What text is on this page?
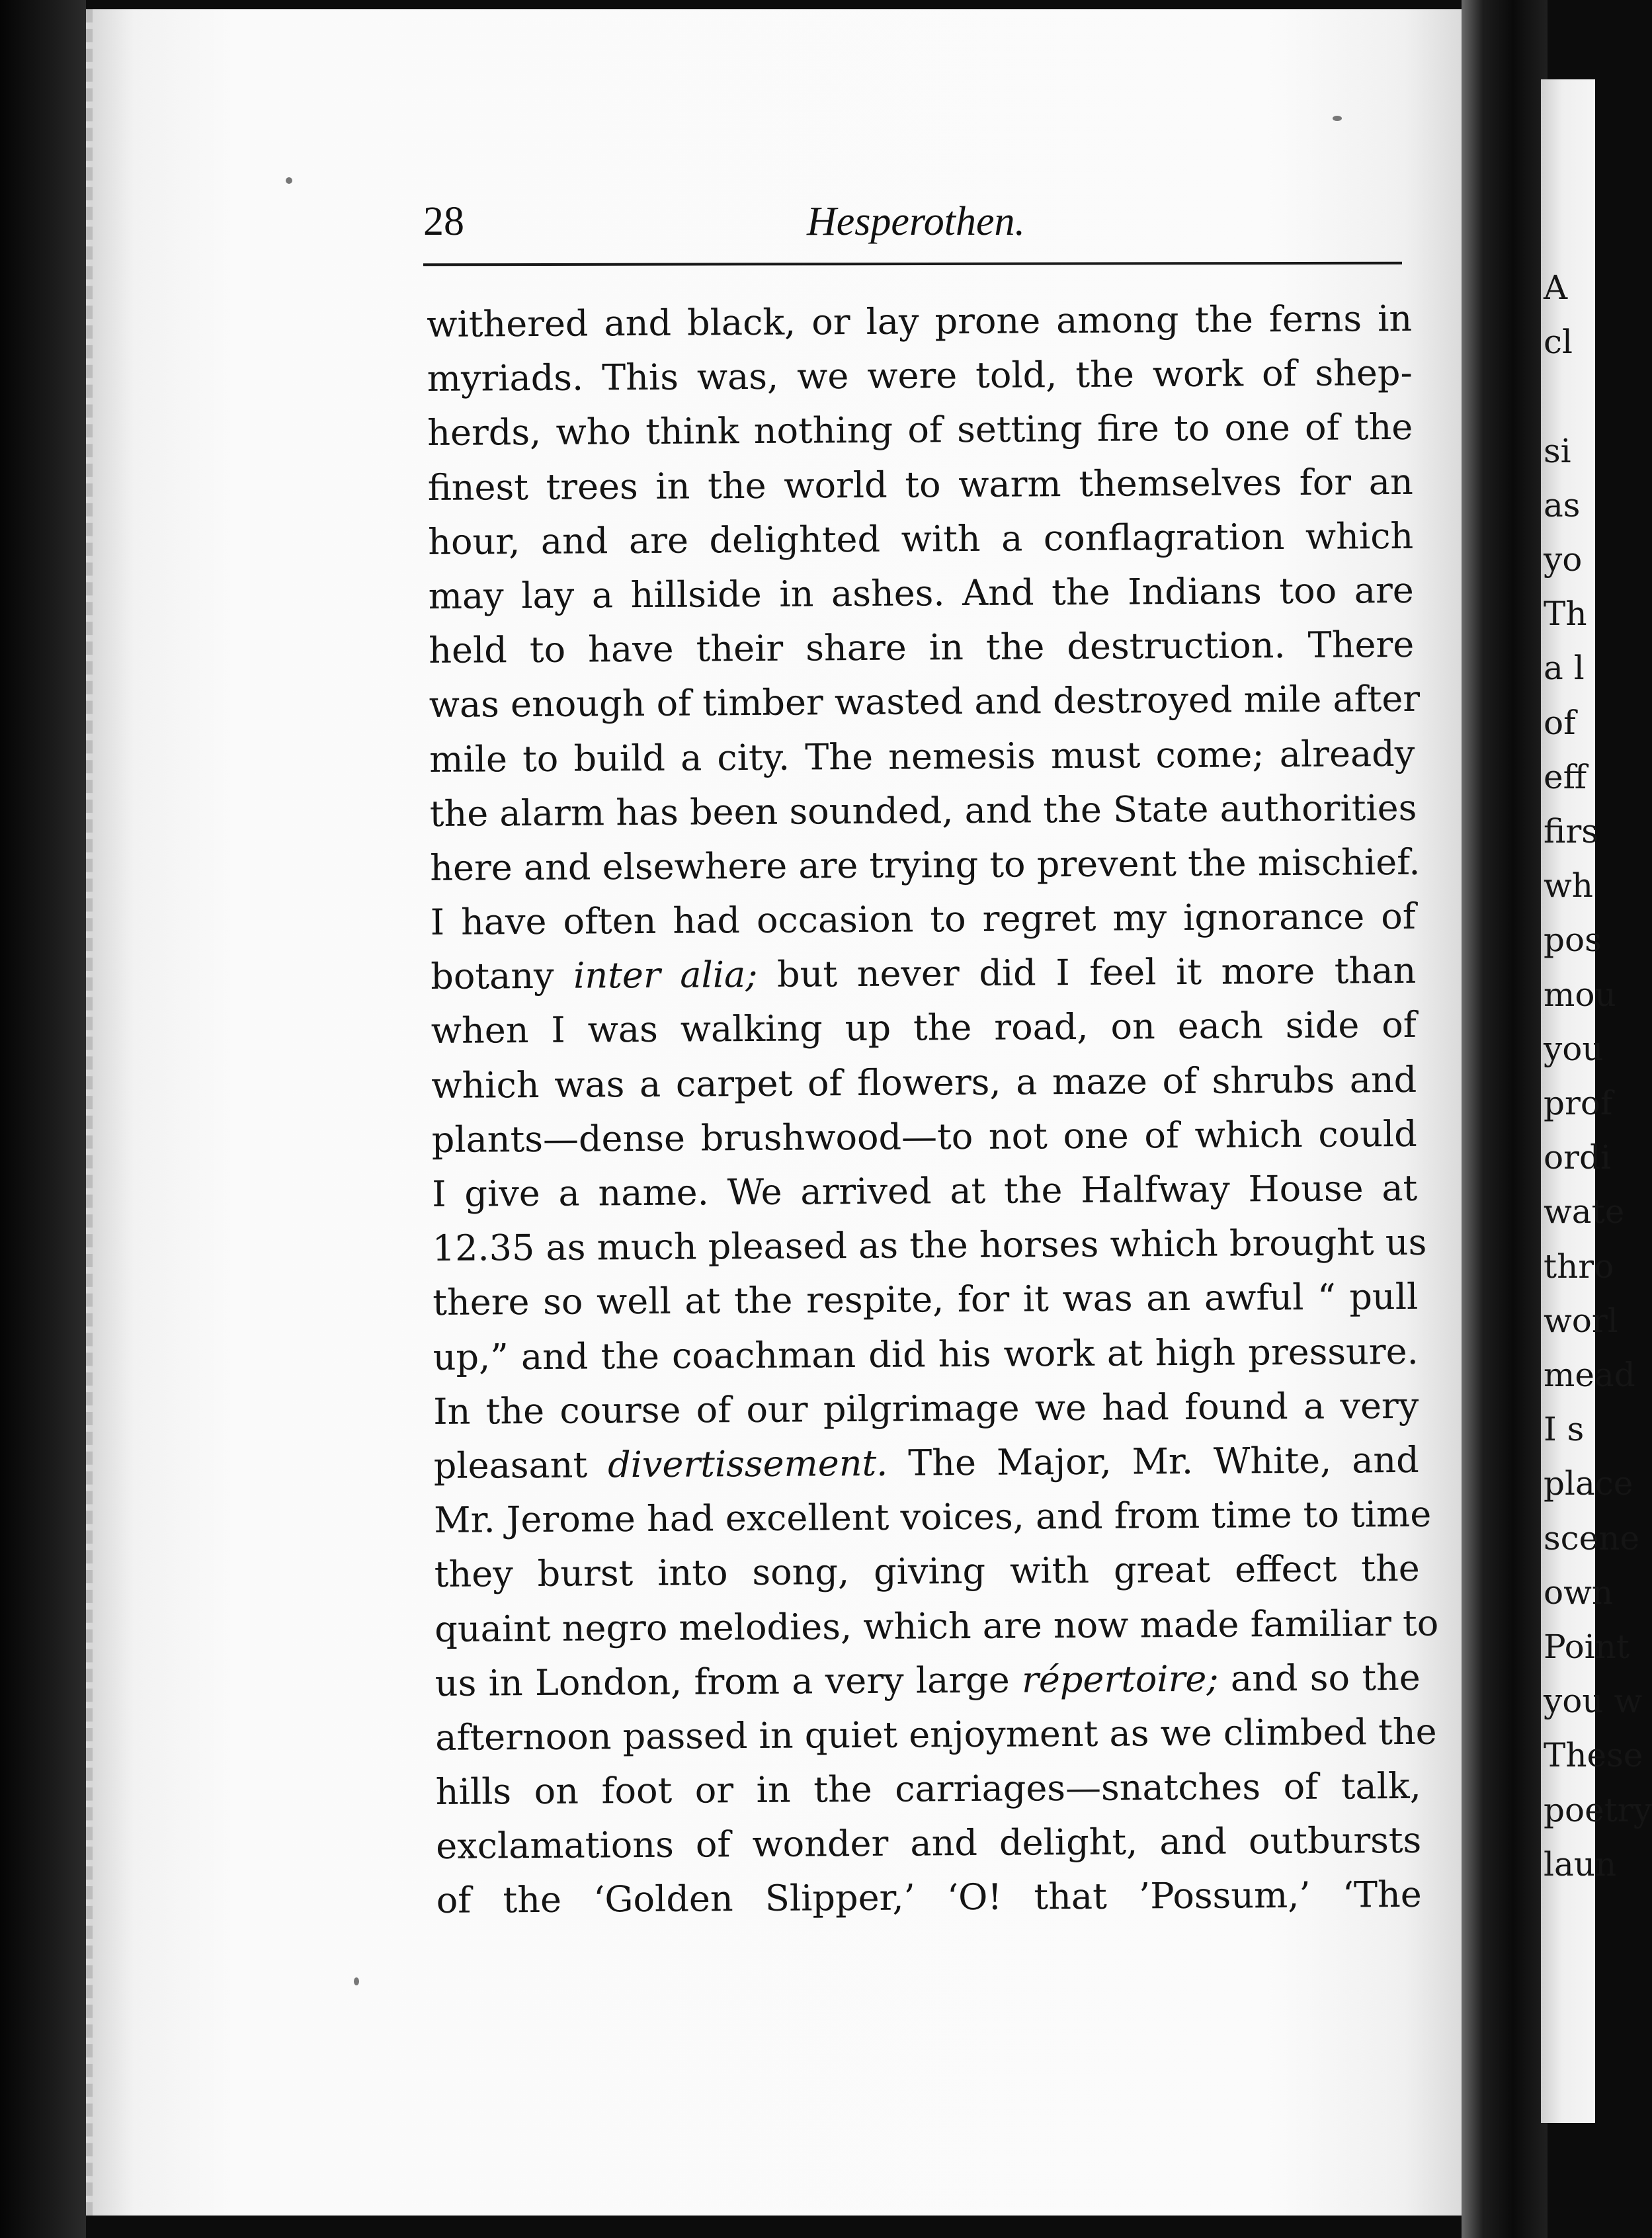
28	Hesperothen.
withered and black, or lay prone among the ferns in
myriads. This was, we were told, the work of shep-
herds, who think nothing of setting fire to one of the
finest trees in the world to warm themselves for an
hour, and are delighted with a conflagration which
may lay a hillside in ashes. And the Indians too are
held to have their share in the destruction. There
was enough of timber wasted and destroyed mile after
mile to build a city. The nemesis must come; already
the alarm has been sounded, and the State authorities
here and elsewhere are trying to prevent the mischief.
I have often had occasion to regret my ignorance of
botany inter alia; but never did I feel it more than
when I was walking up the road, on each side of
which was a carpet of flowers, a maze of shrubs and
plants—dense brushwood—to not one of which could
I give a name. We arrived at the Halfway House at
12.35 as much pleased as the horses which brought us
there so well at the respite, for it was an awful “ pull
up,” and the coachman did his work at high pressure.
In the course of our pilgrimage we had found a very
pleasant divertissement. The Major, Mr. White, and
Mr. Jerome had excellent voices, and from time to time
they burst into song, giving with great effect the
quaint negro melodies, which are now made familiar to
us in London, from a very large répertoire; and so the
afternoon passed in quiet enjoyment as we climbed the
hills on foot or in the carriages—snatches of talk,
exclamations of wonder and delight, and outbursts
of the ‘Golden Slipper,’ ‘O! that ’Possum,’ ‘The
A
cl
si
as
yo
Th
a l
of
eff
firs
wh
pos
mou
you
prof
ordi
wate
thro
worl
mead
I s
place
scene
own
Point
you w
These
poetry
laun
